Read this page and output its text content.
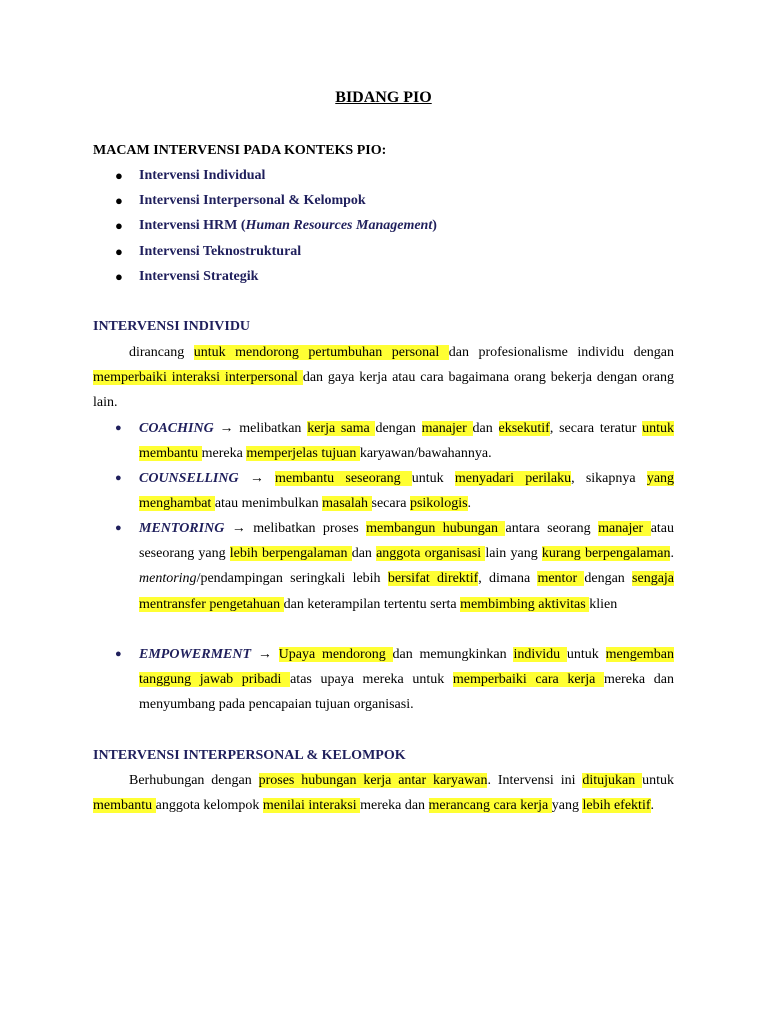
BIDANG PIO
MACAM INTERVENSI PADA KONTEKS PIO:
● Intervensi Individual
● Intervensi Interpersonal & Kelompok
● Intervensi HRM (Human Resources Management)
● Intervensi Teknostruktural
● Intervensi Strategik
INTERVENSI INDIVIDU

dirancang untuk mendorong pertumbuhan personal dan profesionalisme individu dengan memperbaiki interaksi interpersonal dan gaya kerja atau cara bagaimana orang bekerja dengan orang lain.

● COACHING → melibatkan kerja sama dengan manajer dan eksekutif, secara teratur untuk membantu mereka memperjelas tujuan karyawan/bawahannya.

● COUNSELLING → membantu seseorang untuk menyadari perilaku, sikapnya yang menghambat atau menimbulkan masalah secara psikologis.

● MENTORING → melibatkan proses membangun hubungan antara seorang manajer atau seseorang yang lebih berpengalaman dan anggota organisasi lain yang kurang berpengalaman. mentoring/pendampingan seringkali lebih bersifat direktif, dimana mentor dengan sengaja mentransfer pengetahuan dan keterampilan tertentu serta membimbing aktivitas klien

● EMPOWERMENT → Upaya mendorong dan memungkinkan individu untuk mengemban tanggung jawab pribadi atas upaya mereka untuk memperbaiki cara kerja mereka dan menyumbang pada pencapaian tujuan organisasi.

INTERVENSI INTERPERSONAL & KELOMPOK

Berhubungan dengan proses hubungan kerja antar karyawan. Intervensi ini ditujukan untuk membantu anggota kelompok menilai interaksi mereka dan merancang cara kerja yang lebih efektif.
